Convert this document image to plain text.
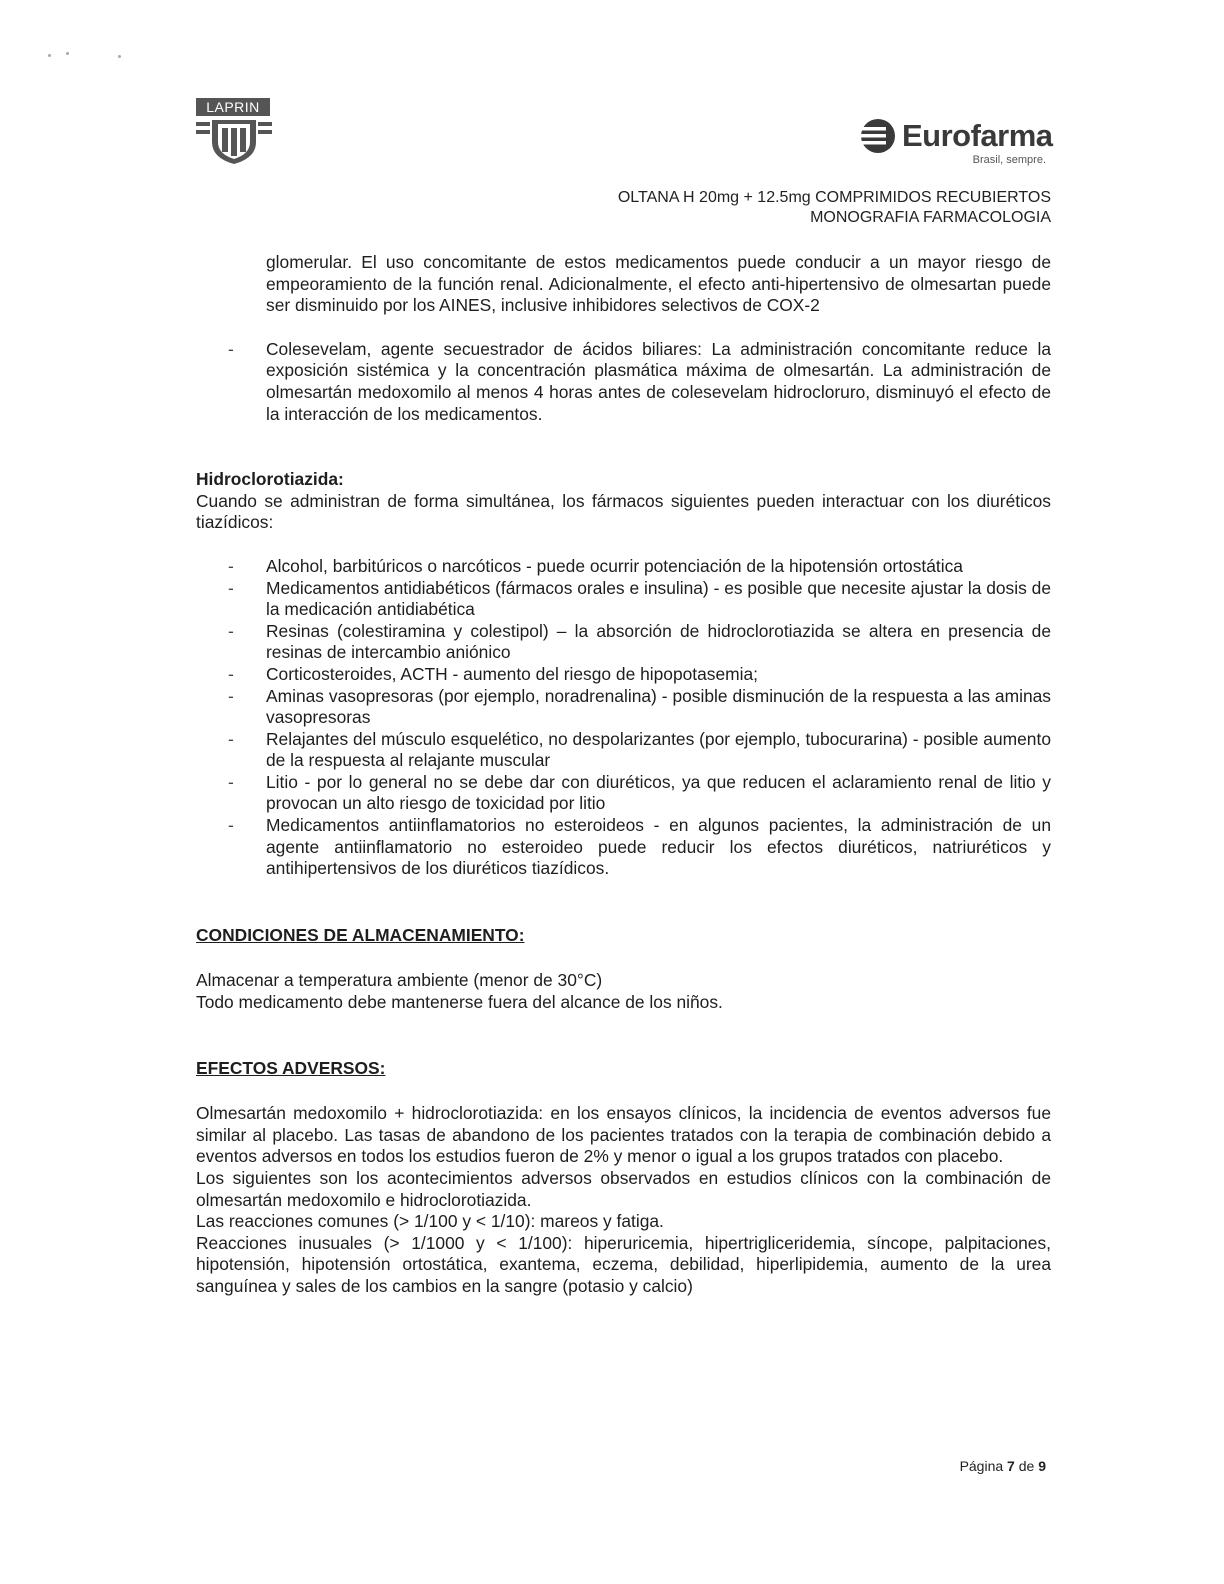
LAPRIN
Eurofarma
Brasil, sempre.
OLTANA H 20mg + 12.5mg COMPRIMIDOS RECUBIERTOS
MONOGRAFIA FARMACOLOGIA

glomerular. El uso concomitante de estos medicamentos puede conducir a un mayor riesgo de empeoramiento de la función renal. Adicionalmente, el efecto anti-hipertensivo de olmesartan puede ser disminuido por los AINES, inclusive inhibidores selectivos de COX-2

- Colesevelam, agente secuestrador de ácidos biliares: La administración concomitante reduce la exposición sistémica y la concentración plasmática máxima de olmesartán. La administración de olmesartán medoxomilo al menos 4 horas antes de colesevelam hidrocloruro, disminuyó el efecto de la interacción de los medicamentos.

Hidroclorotiazida:

Cuando se administran de forma simultánea, los fármacos siguientes pueden interactuar con los diuréticos tiazídicos:

- Alcohol, barbitúricos o narcóticos - puede ocurrir potenciación de la hipotensión ortostática
- Medicamentos antidiabéticos (fármacos orales e insulina) - es posible que necesite ajustar la dosis de la medicación antidiabética
- Resinas (colestiramina y colestipol) – la absorción de hidroclorotiazida se altera en presencia de resinas de intercambio aniónico
- Corticosteroides, ACTH - aumento del riesgo de hipopotasemia;
- Aminas vasopresoras (por ejemplo, noradrenalina) - posible disminución de la respuesta a las aminas vasopresoras
- Relajantes del músculo esquelético, no despolarizantes (por ejemplo, tubocurarina) - posible aumento de la respuesta al relajante muscular
- Litio - por lo general no se debe dar con diuréticos, ya que reducen el aclaramiento renal de litio y provocan un alto riesgo de toxicidad por litio
- Medicamentos antiinflamatorios no esteroideos - en algunos pacientes, la administración de un agente antiinflamatorio no esteroideo puede reducir los efectos diuréticos, natriuréticos y antihipertensivos de los diuréticos tiazídicos.

CONDICIONES DE ALMACENAMIENTO:

Almacenar a temperatura ambiente (menor de 30°C)

Todo medicamento debe mantenerse fuera del alcance de los niños.

EFECTOS ADVERSOS:

Olmesartán medoxomilo + hidroclorotiazida: en los ensayos clínicos, la incidencia de eventos adversos fue similar al placebo. Las tasas de abandono de los pacientes tratados con la terapia de combinación debido a eventos adversos en todos los estudios fueron de 2% y menor o igual a los grupos tratados con placebo.

Los siguientes son los acontecimientos adversos observados en estudios clínicos con la combinación de olmesartán medoxomilo e hidroclorotiazida.

Las reacciones comunes (> 1/100 y < 1/10): mareos y fatiga.

Reacciones inusuales (> 1/1000 y < 1/100): hiperuricemia, hipertrigliceridemia, síncope, palpitaciones, hipotensión, hipotensión ortostática, exantema, eczema, debilidad, hiperlipidemia, aumento de la urea sanguínea y sales de los cambios en la sangre (potasio y calcio)

Página 7 de 9
